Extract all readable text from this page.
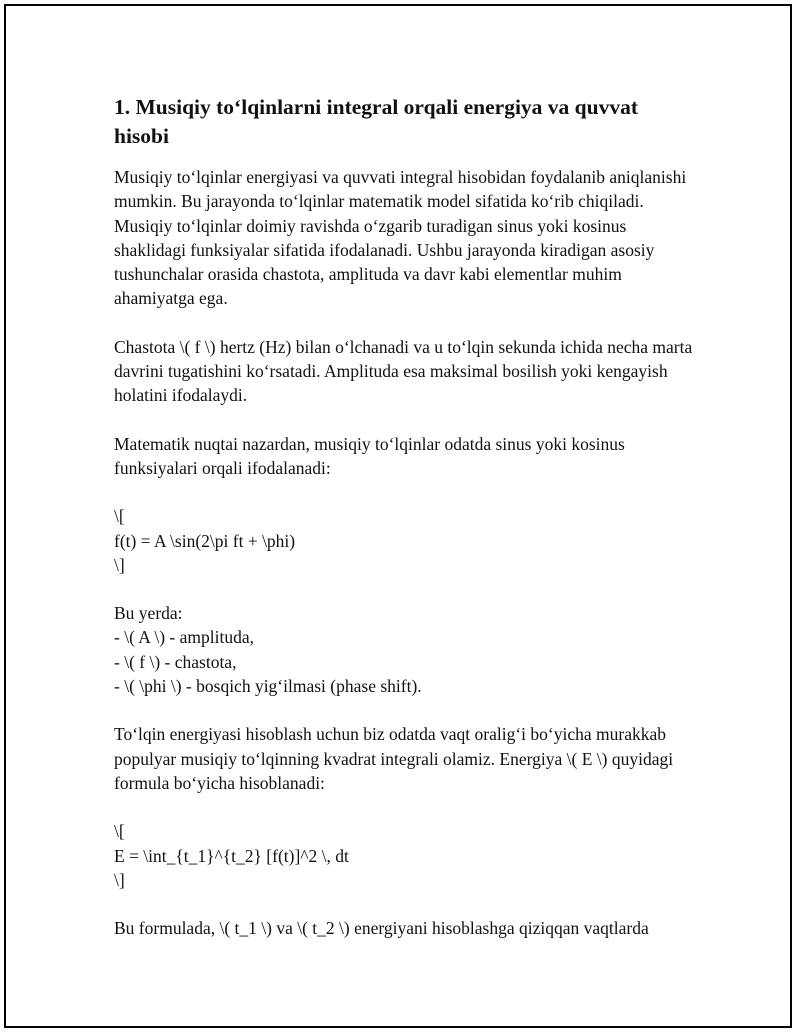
1. Musiqiy to‘lqinlarni integral orqali energiya va quvvat hisobi

Musiqiy to‘lqinlar energiyasi va quvvati integral hisobidan foydalanib aniqlanishi mumkin. Bu jarayonda to‘lqinlar matematik model sifatida ko‘rib chiqiladi. Musiqiy to‘lqinlar doimiy ravishda o‘zgarib turadigan sinus yoki kosinus shaklidagi funksiyalar sifatida ifodalanadi. Ushbu jarayonda kiradigan asosiy tushunchalar orasida chastota, amplituda va davr kabi elementlar muhim ahamiyatga ega.

Chastota \( f \) hertz (Hz) bilan o‘lchanadi va u to‘lqin sekunda ichida necha marta davrini tugatishini ko‘rsatadi. Amplituda esa maksimal bosilish yoki kengayish holatini ifodalaydi.

Matematik nuqtai nazardan, musiqiy to‘lqinlar odatda sinus yoki kosinus funksiyalari orqali ifodalanadi:

\[
f(t) = A \sin(2\pi ft + \phi)
\]

Bu yerda:
- \( A \) - amplituda,
- \( f \) - chastota,
- \( \phi \) - bosqich yig‘ilmasi (phase shift).

To‘lqin energiyasi hisoblash uchun biz odatda vaqt oralig‘i bo‘yicha murakkab populyar musiqiy to‘lqinning kvadrat integrali olamiz. Energiya \( E \) quyidagi formula bo‘yicha hisoblanadi:

\[
E = \int_{t_1}^{t_2} [f(t)]^2 \, dt
\]

Bu formulada, \( t_1 \) va \( t_2 \) energiyani hisoblashga qiziqqan vaqtlarda
